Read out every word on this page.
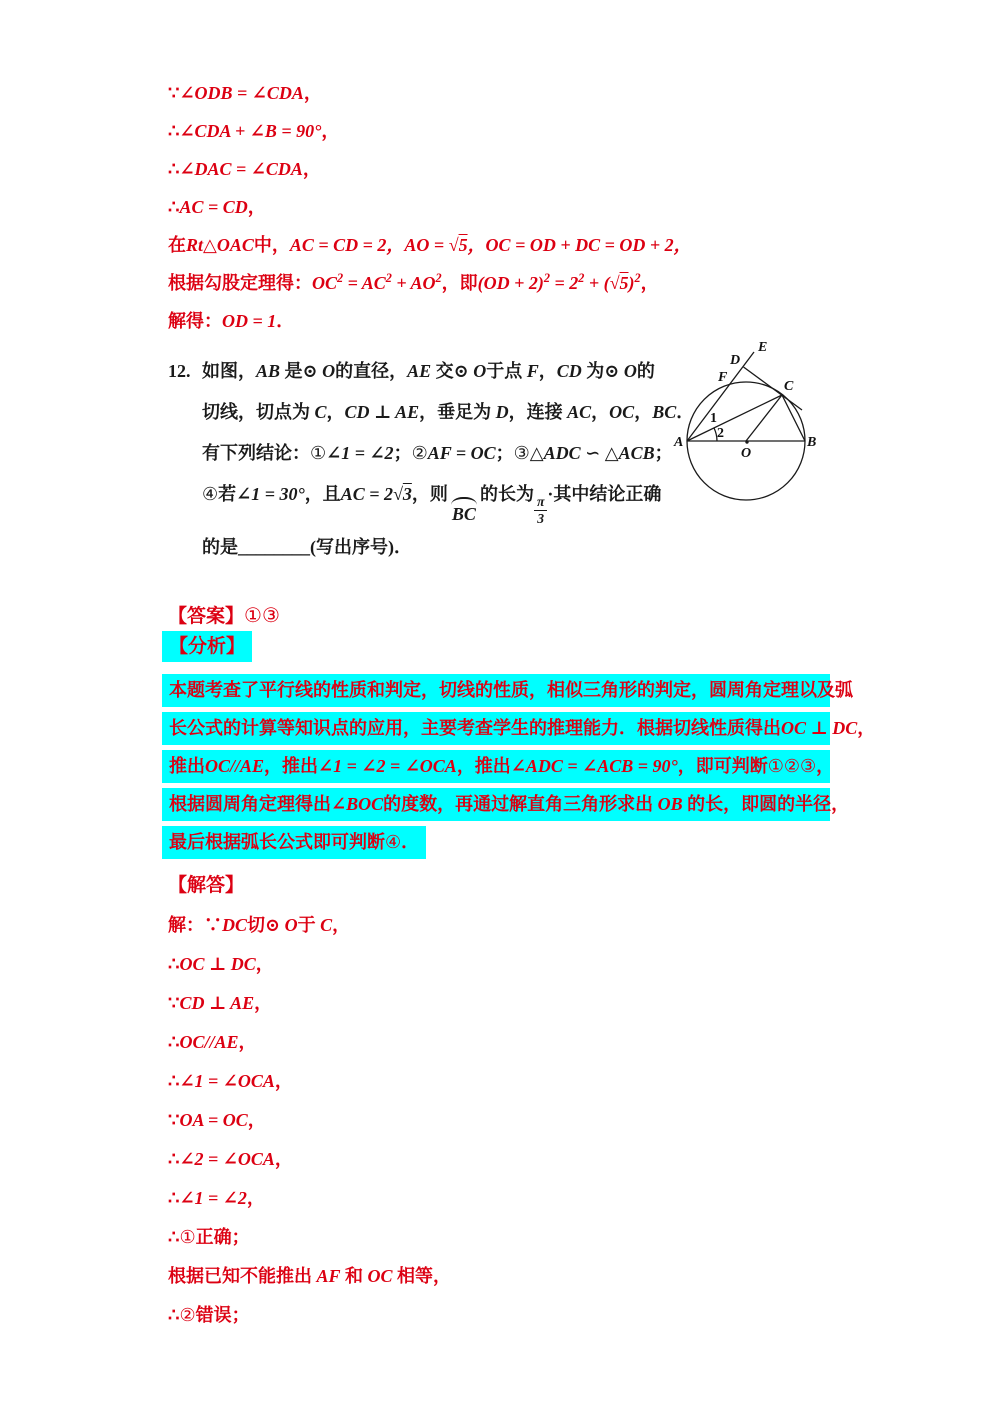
∵∠ODB = ∠CDA，
∴∠CDA + ∠B = 90°，
∴∠DAC = ∠CDA，
∴AC = CD，
在Rt△OAC中，AC = CD = 2，AO = √5，OC = OD + DC = OD + 2，
根据勾股定理得：$OC^2 = AC^2 + AO^2$，即$(OD + 2)^2 = 2^2 + (√5)^2$，
解得：OD = 1．
12. 如图，AB 是⊙ O的直径，AE 交⊙ O于点 F，CD 为⊙ O的
切线，切点为 C，CD ⊥ AE，垂足为 D，连接 AC，OC，BC．
有下列结论：①∠1 = ∠2；②AF = OC；③△ADC ∽ △ACB；
④若∠1 = 30°，且AC = 2√3，则
BC
的长为
$\frac{\pi}{3}$
·其中结论正确
的是________(写出序号)．
A	B
C
D
E
F
O
1
2
【答案】①③
【分析】
本题考查了平行线的性质和判定，切线的性质，相似三角形的判定，圆周角定理以及弧
长公式的计算等知识点的应用，主要考查学生的推理能力．根据切线性质得出OC ⊥ DC，
推出OC//AE，推出∠1 = ∠2 = ∠OCA，推出∠ADC = ∠ACB = 90°，即可判断①②③，
根据圆周角定理得出∠BOC的度数，再通过解直角三角形求出 OB 的长，即圆的半径，
最后根据弧长公式即可判断④．
【解答】
解：∵DC切⊙ O于 C，
∴OC ⊥ DC，
∵CD ⊥ AE，
∴OC//AE，
∴∠1 = ∠OCA，
∵OA = OC，
∴∠2 = ∠OCA，
∴∠1 = ∠2，
∴①正确；
根据已知不能推出 AF 和 OC 相等，
∴②错误；
